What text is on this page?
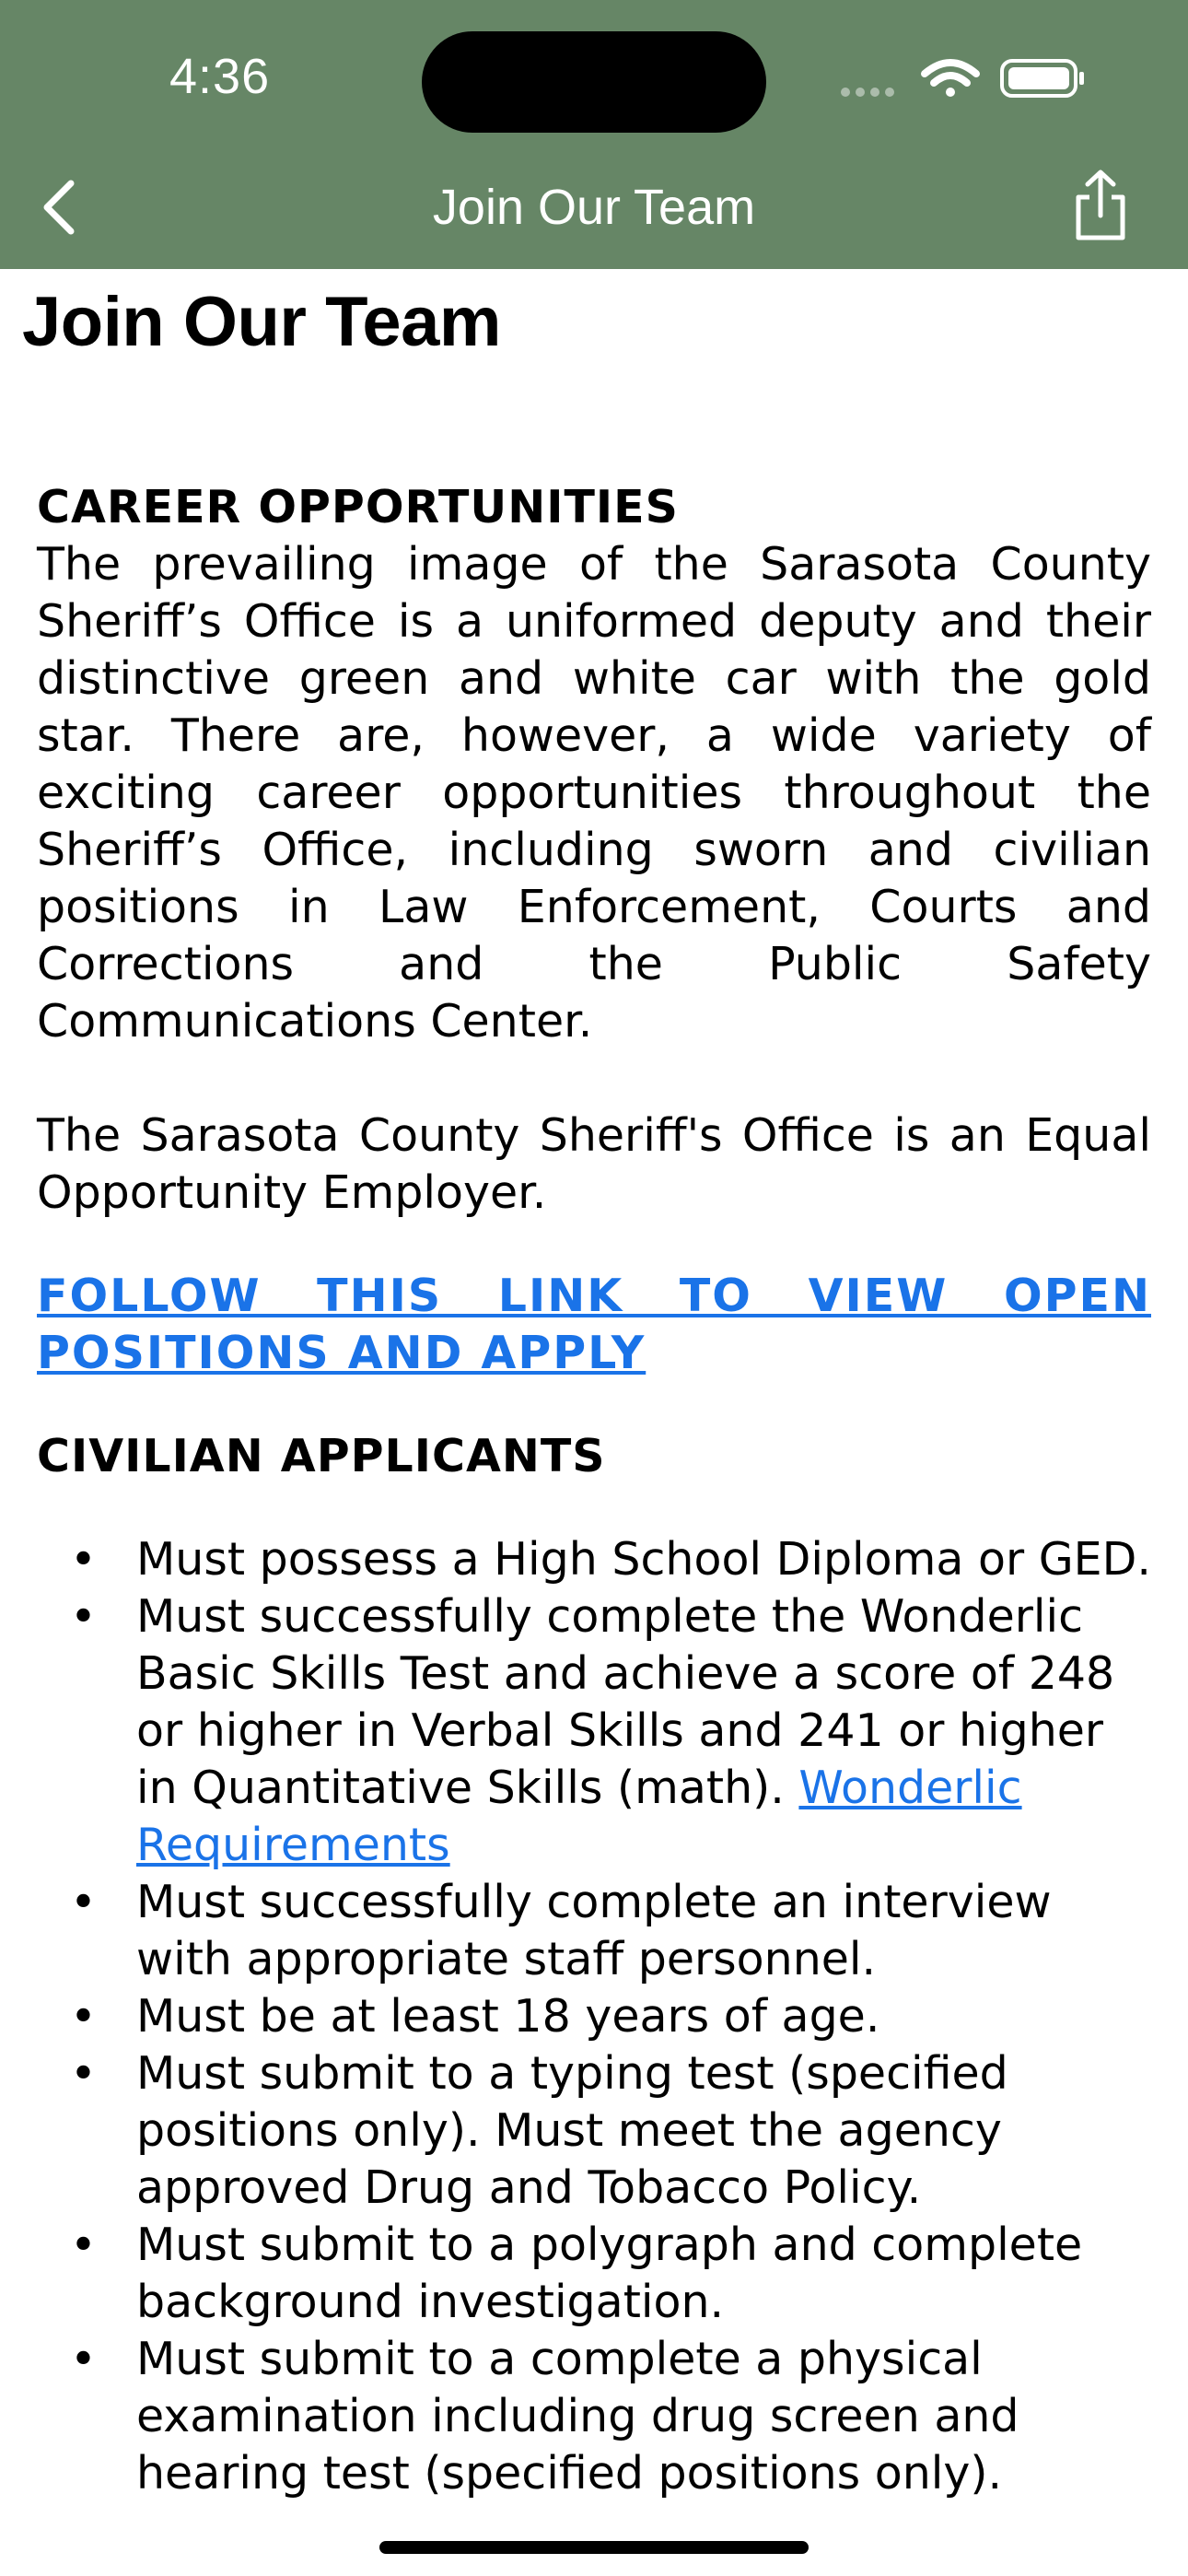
4:36
Join Our Team
Join Our Team

CAREER OPPORTUNITIES

The prevailing image of the Sarasota County Sheriff’s Office is a uniformed deputy and their distinctive green and white car with the gold star. There are, however, a wide variety of exciting career opportunities throughout the Sheriff’s Office, including sworn and civilian positions in Law Enforcement, Courts and Corrections and the Public Safety Communications Center.

The Sarasota County Sheriff's Office is an Equal Opportunity Employer.

FOLLOW THIS LINK TO VIEW OPEN POSITIONS AND APPLY

CIVILIAN APPLICANTS

• Must possess a High School Diploma or GED.
• Must successfully complete the Wonderlic Basic Skills Test and achieve a score of 248 or higher in Verbal Skills and 241 or higher in Quantitative Skills (math). Wonderlic Requirements
• Must successfully complete an interview with appropriate staff personnel.
• Must be at least 18 years of age.
• Must submit to a typing test (specified positions only). Must meet the agency approved Drug and Tobacco Policy.
• Must submit to a polygraph and complete background investigation.
• Must submit to a complete a physical examination including drug screen and hearing test (specified positions only).
